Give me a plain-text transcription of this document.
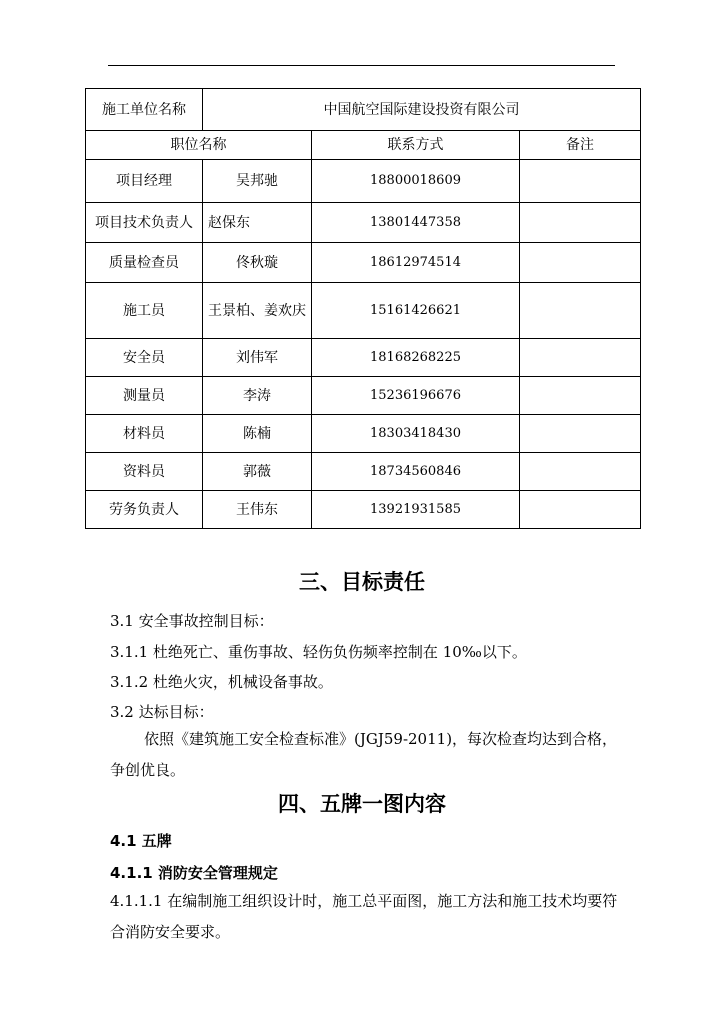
施工单位名称	中国航空国际建设投资有限公司		
职位名称		联系方式	备注
项目经理	吴邦驰	18800018609	
项目技术负责人	赵保东	13801447358	
质量检查员	佟秋璇	18612974514	
施工员	王景柏、姜欢庆	15161426621	
安全员	刘伟军	18168268225	
测量员	李涛	15236196676	
材料员	陈楠	18303418430	
资料员	郭薇	18734560846	
劳务负责人	王伟东	13921931585	
三、目标责任

3.1 安全事故控制目标：

3.1.1 杜绝死亡、重伤事故、轻伤负伤频率控制在 10‰以下。

3.1.2 杜绝火灾，机械设备事故。

3.2 达标目标：

依照《建筑施工安全检查标准》(JGJ59-2011)，每次检查均达到合格，争创优良。

四、五牌一图内容

4.1 五牌

4.1.1 消防安全管理规定

4.1.1.1 在编制施工组织设计时，施工总平面图，施工方法和施工技术均要符合消防安全要求。
